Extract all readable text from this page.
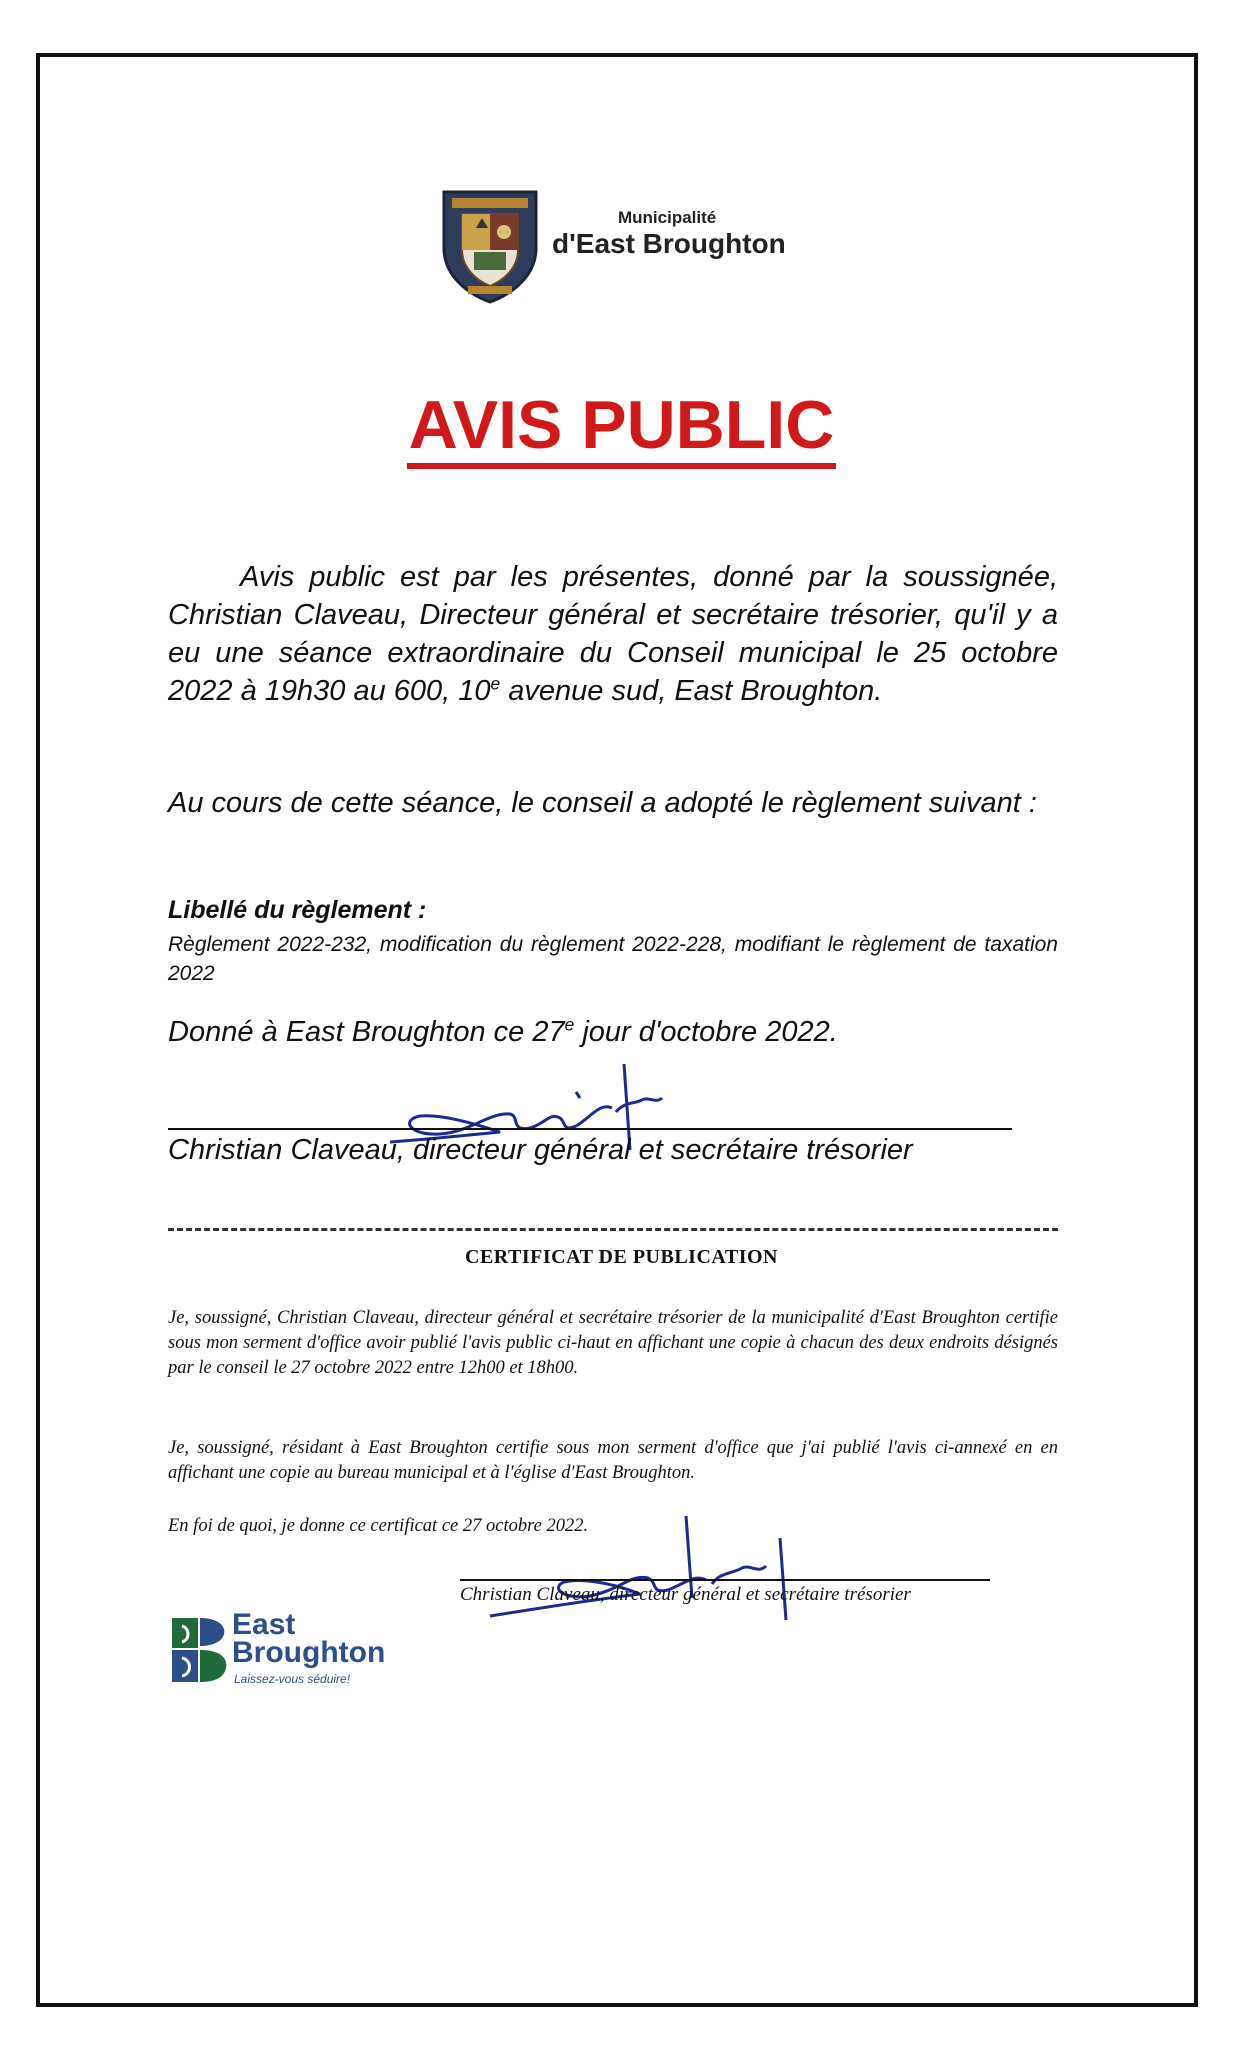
Municipalité
d'East Broughton
AVIS PUBLIC
Avis public est par les présentes, donné par la soussignée, Christian Claveau, Directeur général et secrétaire trésorier, qu'il y a eu une séance extraordinaire du Conseil municipal le 25 octobre 2022 à 19h30 au 600, 10e avenue sud, East Broughton.
Au cours de cette séance, le conseil a adopté le règlement suivant :
Libellé du règlement :
Règlement 2022-232, modification du règlement 2022-228, modifiant le règlement de taxation 2022
Donné à East Broughton ce 27e jour d'octobre 2022.
Christian Claveau, directeur général et secrétaire trésorier
CERTIFICAT DE PUBLICATION
Je, soussigné, Christian Claveau, directeur général et secrétaire trésorier de la municipalité d'East Broughton certifie sous mon serment d'office avoir publié l'avis public ci-haut en affichant une copie à chacun des deux endroits désignés par le conseil le 27 octobre 2022 entre 12h00 et 18h00.
Je, soussigné, résidant à East Broughton certifie sous mon serment d'office que j'ai publié l'avis ci-annexé en en affichant une copie au bureau municipal et à l'église d'East Broughton.
En foi de quoi, je donne ce certificat ce 27 octobre 2022.
Christian Claveau, directeur général et secrétaire trésorier
East
Broughton
Laissez-vous séduire!
